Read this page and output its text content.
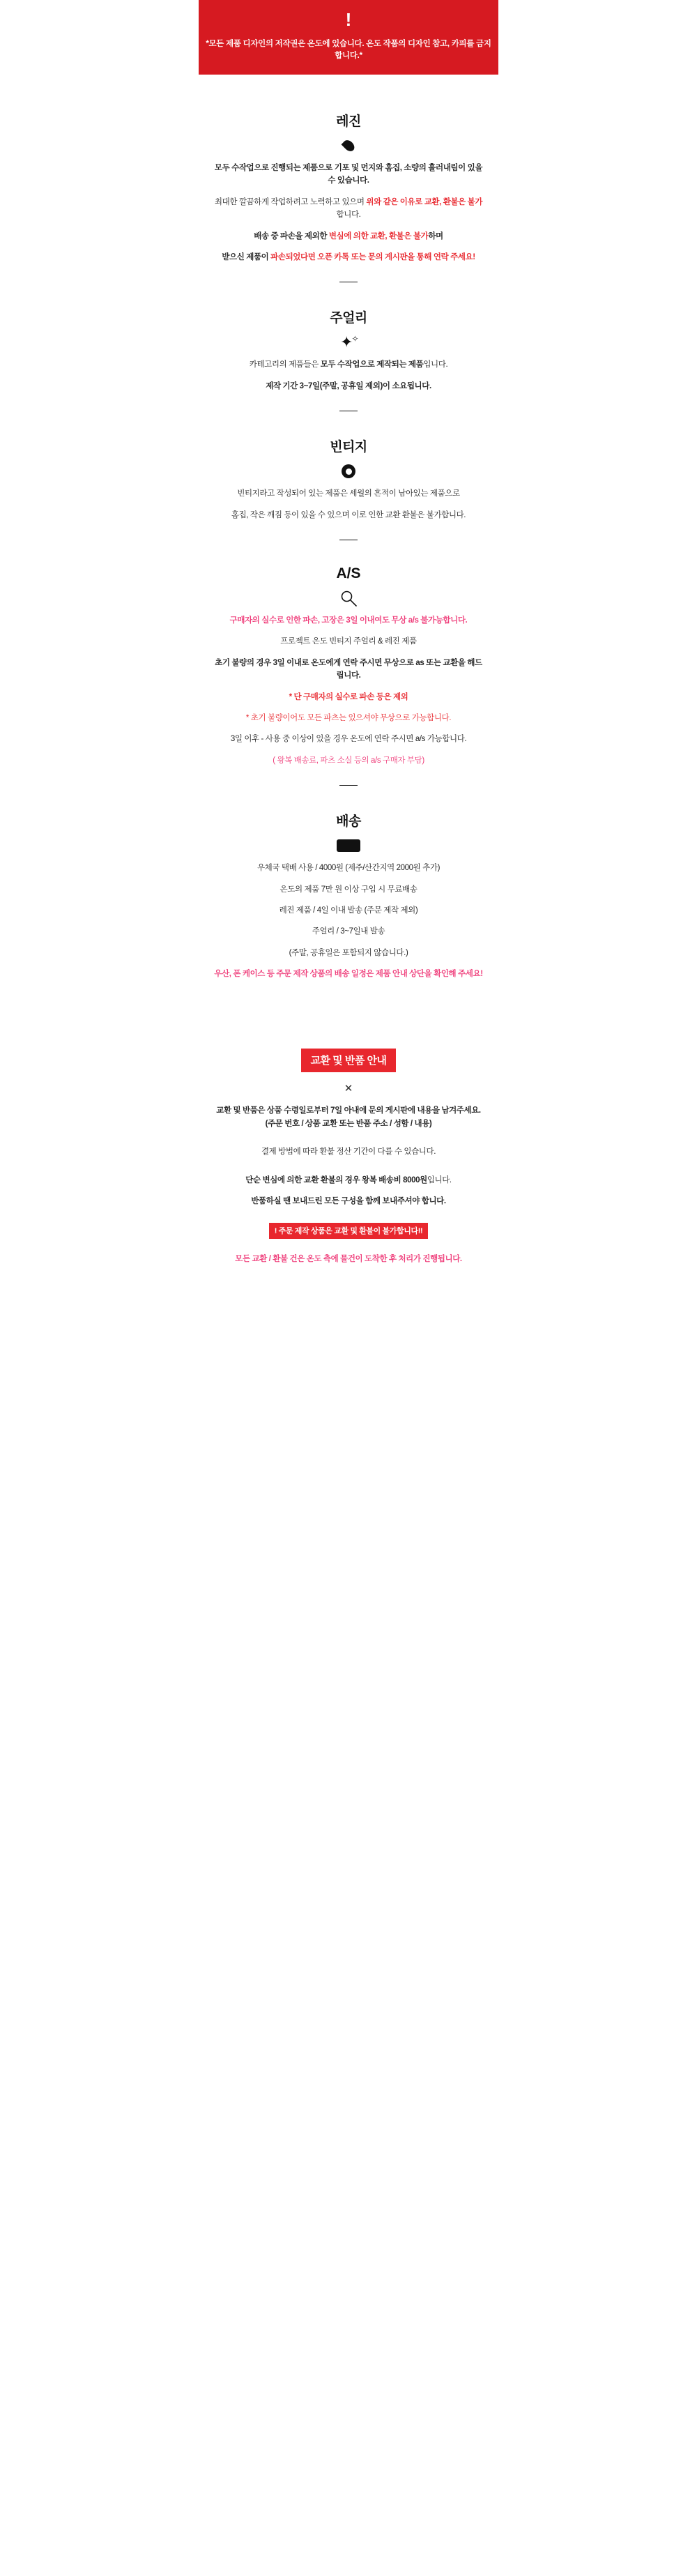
!
*모든 제품 디자인의 저작권은 온도에 있습니다. 온도 작품의 디자인 참고, 카피를 금지합니다.*
레진

모두 수작업으로 진행되는 제품으로 기포 및 먼지와 홈집, 소량의 흘러내림이 있을 수 있습니다.

최대한 깔끔하게 작업하려고 노력하고 있으며 위와 같은 이유로 교환, 환불은 불가합니다.

배송 중 파손을 제외한 변심에 의한 교환, 환불은 불가하며

받으신 제품이 파손되었다면 오픈 카톡 또는 문의 게시판을 통해 연락 주세요!

주얼리
✦✧

카테고리의 제품들은 모두 수작업으로 제작되는 제품입니다.

제작 기간 3~7일(주말, 공휴일 제외)이 소요됩니다.

빈티지

빈티지라고 작성되어 있는 제품은 세월의 흔적이 남아있는 제품으로

홈집, 작은 깨짐 등이 있을 수 있으며 이로 인한 교환 환불은 불가합니다.

A/S

구매자의 실수로 인한 파손, 고장은 3일 이내여도 무상 a/s 불가능합니다.

프로젝트 온도 빈티지 주얼리 & 레진 제품

초기 불량의 경우 3일 이내로 온도에게 연락 주시면 무상으로 as 또는 교환을 해드립니다.

* 단 구매자의 실수로 파손 등은 제외

* 초기 불량이어도 모든 파츠는 있으셔야 무상으로 가능합니다.

3일 이후 - 사용 중 이상이 있을 경우 온도에 연락 주시면 a/s 가능합니다.

( 왕복 배송료, 파츠 소실 등의 a/s 구매자 부담)

배송

우체국 택배 사용 / 4000원 (제주/산간지역 2000원 추가)

온도의 제품 7만 원 이상 구입 시 무료배송

레진 제품 / 4일 이내 발송 (주문 제작 제외)

주얼리 / 3~7일내 발송

(주말, 공휴일은 포함되지 않습니다.)

우산, 폰 케이스 등 주문 제작 상품의 배송 일정은 제품 안내 상단을 확인해 주세요!

교환 및 반품 안내
✕

교환 및 반품은 상품 수령일로부터 7일 아내에 문의 게시판에 내용을 남겨주세요.
(주문 번호 / 상품 교환 또는 반품 주소 / 성함 / 내용)

결제 방법에 따라 환불 정산 기간이 다를 수 있습니다.

단순 변심에 의한 교환 환불의 경우 왕복 배송비 8000원입니다.

반품하실 땐 보내드린 모든 구성을 함께 보내주셔야 합니다.

! 주문 제작 상품은 교환 및 환불이 불가합니다!!

모든 교환 / 환불 건은 온도 측에 물건이 도착한 후 처리가 진행됩니다.
